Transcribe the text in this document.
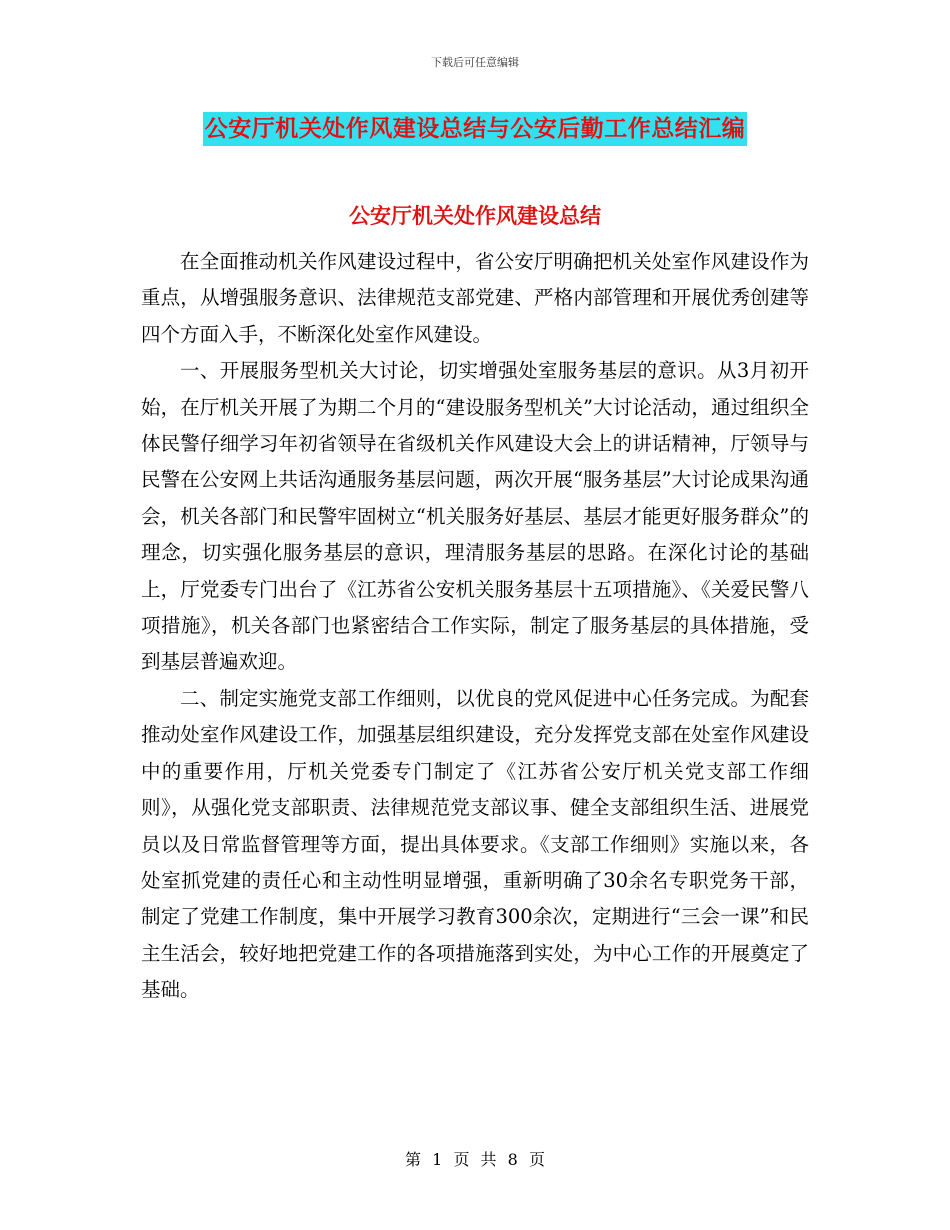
下载后可任意编辑
公安厅机关处作风建设总结与公安后勤工作总结汇编
公安厅机关处作风建设总结

在全面推动机关作风建设过程中，省公安厅明确把机关处室作风建设作为重点，从增强服务意识、法律规范支部党建、严格内部管理和开展优秀创建等四个方面入手，不断深化处室作风建设。

一、开展服务型机关大讨论，切实增强处室服务基层的意识。从3月初开始，在厅机关开展了为期二个月的“建设服务型机关”大讨论活动，通过组织全体民警仔细学习年初省领导在省级机关作风建设大会上的讲话精神，厅领导与民警在公安网上共话沟通服务基层问题，两次开展“服务基层”大讨论成果沟通会，机关各部门和民警牢固树立“机关服务好基层、基层才能更好服务群众”的理念，切实强化服务基层的意识，理清服务基层的思路。在深化讨论的基础上，厅党委专门出台了《江苏省公安机关服务基层十五项措施》、《关爱民警八项措施》，机关各部门也紧密结合工作实际，制定了服务基层的具体措施，受到基层普遍欢迎。

二、制定实施党支部工作细则，以优良的党风促进中心任务完成。为配套推动处室作风建设工作，加强基层组织建设，充分发挥党支部在处室作风建设中的重要作用，厅机关党委专门制定了《江苏省公安厅机关党支部工作细则》，从强化党支部职责、法律规范党支部议事、健全支部组织生活、进展党员以及日常监督管理等方面，提出具体要求。《支部工作细则》实施以来，各处室抓党建的责任心和主动性明显增强，重新明确了30余名专职党务干部，制定了党建工作制度，集中开展学习教育300余次，定期进行“三会一课”和民主生活会，较好地把党建工作的各项措施落到实处，为中心工作的开展奠定了基础。

第 1 页 共 8 页
